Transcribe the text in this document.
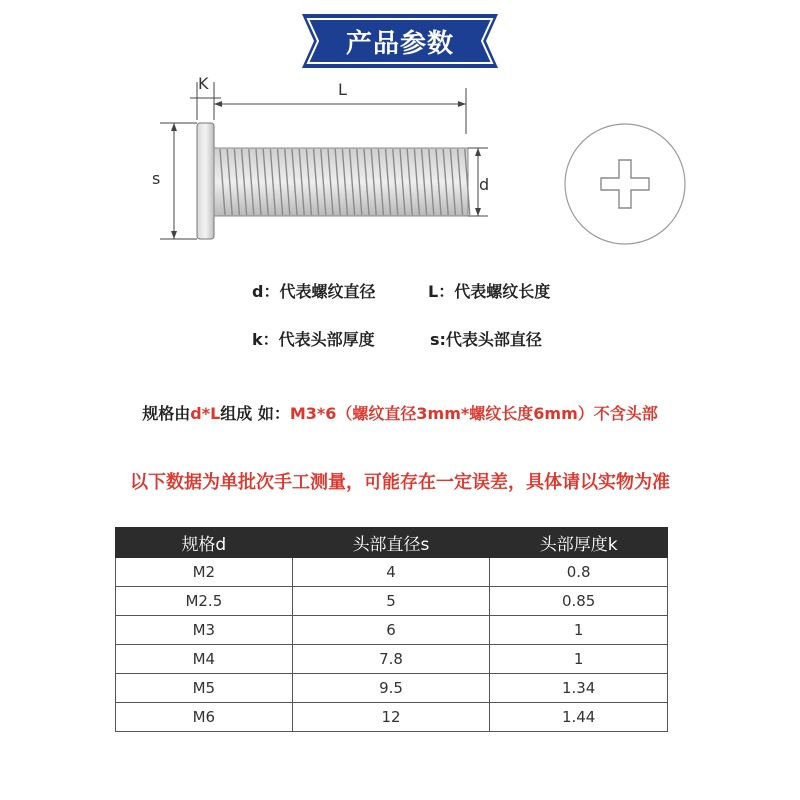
产品参数
K	L
s	d
d：代表螺纹直径	L：代表螺纹长度
k：代表头部厚度	s:代表头部直径
规格由d*L组成 如：M3*6（螺纹直径3mm*螺纹长度6mm）不含头部
以下数据为单批次手工测量，可能存在一定误差，具体请以实物为准
规格d	头部直径s	头部厚度k
M2	4	0.8
M2.5	5	0.85
M3	6	1
M4	7.8	1
M5	9.5	1.34
M6	12	1.44
